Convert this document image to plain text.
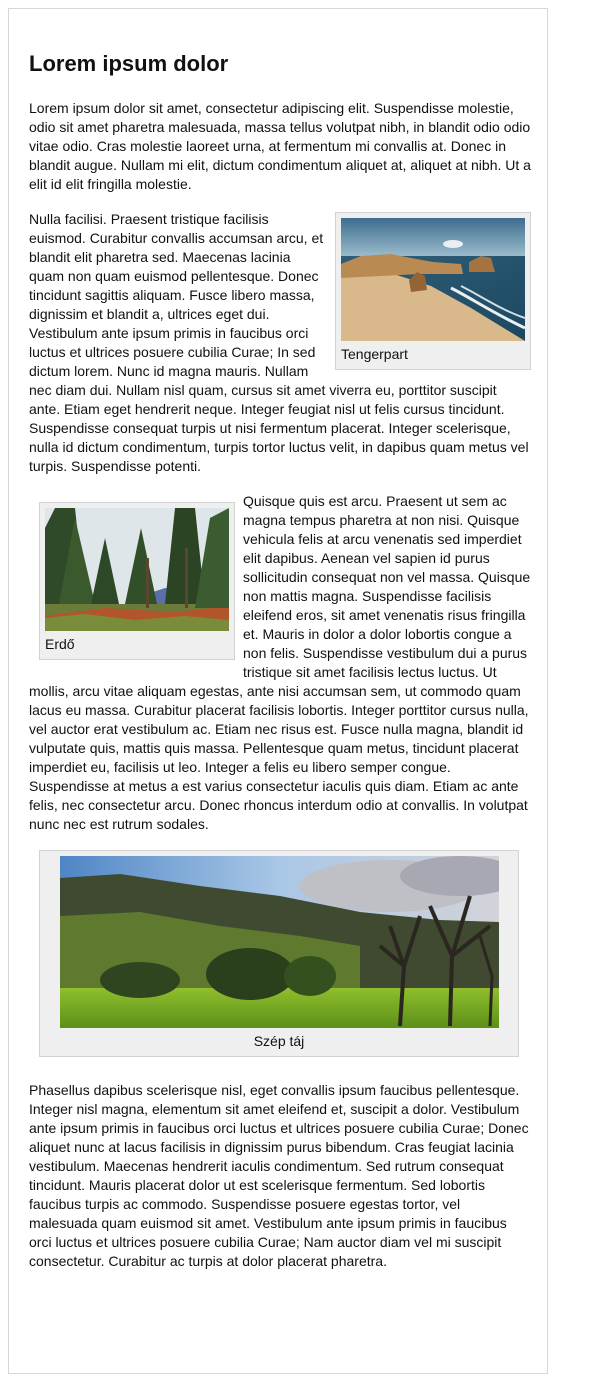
Lorem ipsum dolor

Lorem ipsum dolor sit amet, consectetur adipiscing elit. Suspendisse molestie, odio sit amet pharetra malesuada, massa tellus volutpat nibh, in blandit odio odio vitae odio. Cras molestie laoreet urna, at fermentum mi convallis at. Donec in blandit augue. Nullam mi elit, dictum condimentum aliquet at, aliquet at nibh. Ut a elit id elit fringilla molestie.

Tengerpart

Nulla facilisi. Praesent tristique facilisis euismod. Curabitur convallis accumsan arcu, et blandit elit pharetra sed. Maecenas lacinia quam non quam euismod pellentesque. Donec tincidunt sagittis aliquam. Fusce libero massa, dignissim et blandit a, ultrices eget dui. Vestibulum ante ipsum primis in faucibus orci luctus et ultrices posuere cubilia Curae; In sed dictum lorem. Nunc id magna mauris. Nullam nec diam dui. Nullam nisl quam, cursus sit amet viverra eu, porttitor suscipit ante. Etiam eget hendrerit neque. Integer feugiat nisl ut felis cursus tincidunt. Suspendisse consequat turpis ut nisi fermentum placerat. Integer scelerisque, nulla id dictum condimentum, turpis tortor luctus velit, in dapibus quam metus vel turpis. Suspendisse potenti.

Erdő

Quisque quis est arcu. Praesent ut sem ac magna tempus pharetra at non nisi. Quisque vehicula felis at arcu venenatis sed imperdiet elit dapibus. Aenean vel sapien id purus sollicitudin consequat non vel massa. Quisque non mattis magna. Suspendisse facilisis eleifend eros, sit amet venenatis risus fringilla et. Mauris in dolor a dolor lobortis congue a non felis. Suspendisse vestibulum dui a purus tristique sit amet facilisis lectus luctus. Ut mollis, arcu vitae aliquam egestas, ante nisi accumsan sem, ut commodo quam lacus eu massa. Curabitur placerat facilisis lobortis. Integer porttitor cursus nulla, vel auctor erat vestibulum ac. Etiam nec risus est. Fusce nulla magna, blandit id vulputate quis, mattis quis massa. Pellentesque quam metus, tincidunt placerat imperdiet eu, facilisis ut leo. Integer a felis eu libero semper congue. Suspendisse at metus a est varius consectetur iaculis quis diam. Etiam ac ante felis, nec consectetur arcu. Donec rhoncus interdum odio at convallis. In volutpat nunc nec est rutrum sodales.

Szép táj

Phasellus dapibus scelerisque nisl, eget convallis ipsum faucibus pellentesque. Integer nisl magna, elementum sit amet eleifend et, suscipit a dolor. Vestibulum ante ipsum primis in faucibus orci luctus et ultrices posuere cubilia Curae; Donec aliquet nunc at lacus facilisis in dignissim purus bibendum. Cras feugiat lacinia vestibulum. Maecenas hendrerit iaculis condimentum. Sed rutrum consequat tincidunt. Mauris placerat dolor ut est scelerisque fermentum. Sed lobortis faucibus turpis ac commodo. Suspendisse posuere egestas tortor, vel malesuada quam euismod sit amet. Vestibulum ante ipsum primis in faucibus orci luctus et ultrices posuere cubilia Curae; Nam auctor diam vel mi suscipit consectetur. Curabitur ac turpis at dolor placerat pharetra.
